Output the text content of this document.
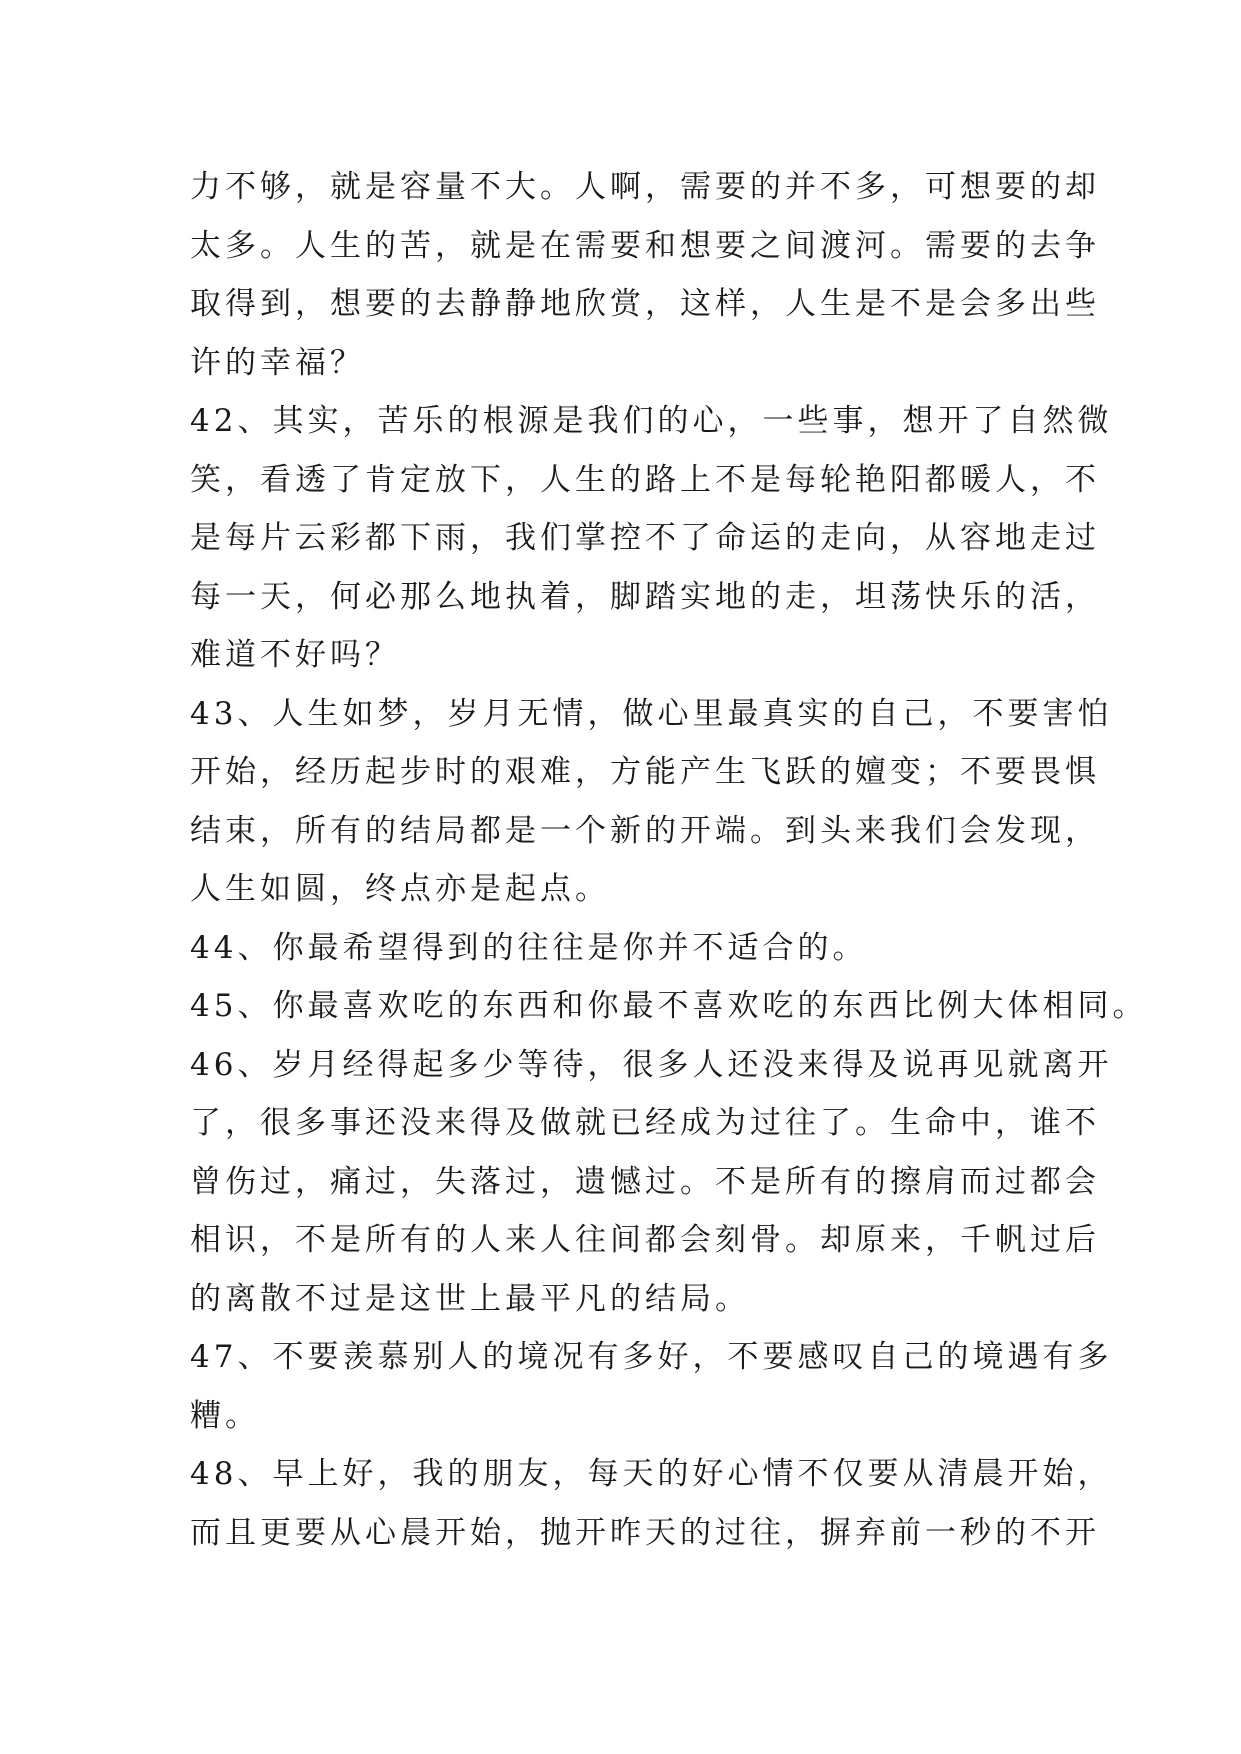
力不够，就是容量不大。人啊，需要的并不多，可想要的却
太多。人生的苦，就是在需要和想要之间渡河。需要的去争
取得到，想要的去静静地欣赏，这样，人生是不是会多出些
许的幸福？
42、其实，苦乐的根源是我们的心，一些事，想开了自然微
笑，看透了肯定放下，人生的路上不是每轮艳阳都暖人，不
是每片云彩都下雨，我们掌控不了命运的走向，从容地走过
每一天，何必那么地执着，脚踏实地的走，坦荡快乐的活，
难道不好吗？
43、人生如梦，岁月无情，做心里最真实的自己，不要害怕
开始，经历起步时的艰难，方能产生飞跃的嬗变；不要畏惧
结束，所有的结局都是一个新的开端。到头来我们会发现，
人生如圆，终点亦是起点。
44、你最希望得到的往往是你并不适合的。
45、你最喜欢吃的东西和你最不喜欢吃的东西比例大体相同。
46、岁月经得起多少等待，很多人还没来得及说再见就离开
了，很多事还没来得及做就已经成为过往了。生命中，谁不
曾伤过，痛过，失落过，遗憾过。不是所有的擦肩而过都会
相识，不是所有的人来人往间都会刻骨。却原来，千帆过后
的离散不过是这世上最平凡的结局。
47、不要羡慕别人的境况有多好，不要感叹自己的境遇有多
糟。
48、早上好，我的朋友，每天的好心情不仅要从清晨开始，
而且更要从心晨开始，抛开昨天的过往，摒弃前一秒的不开
